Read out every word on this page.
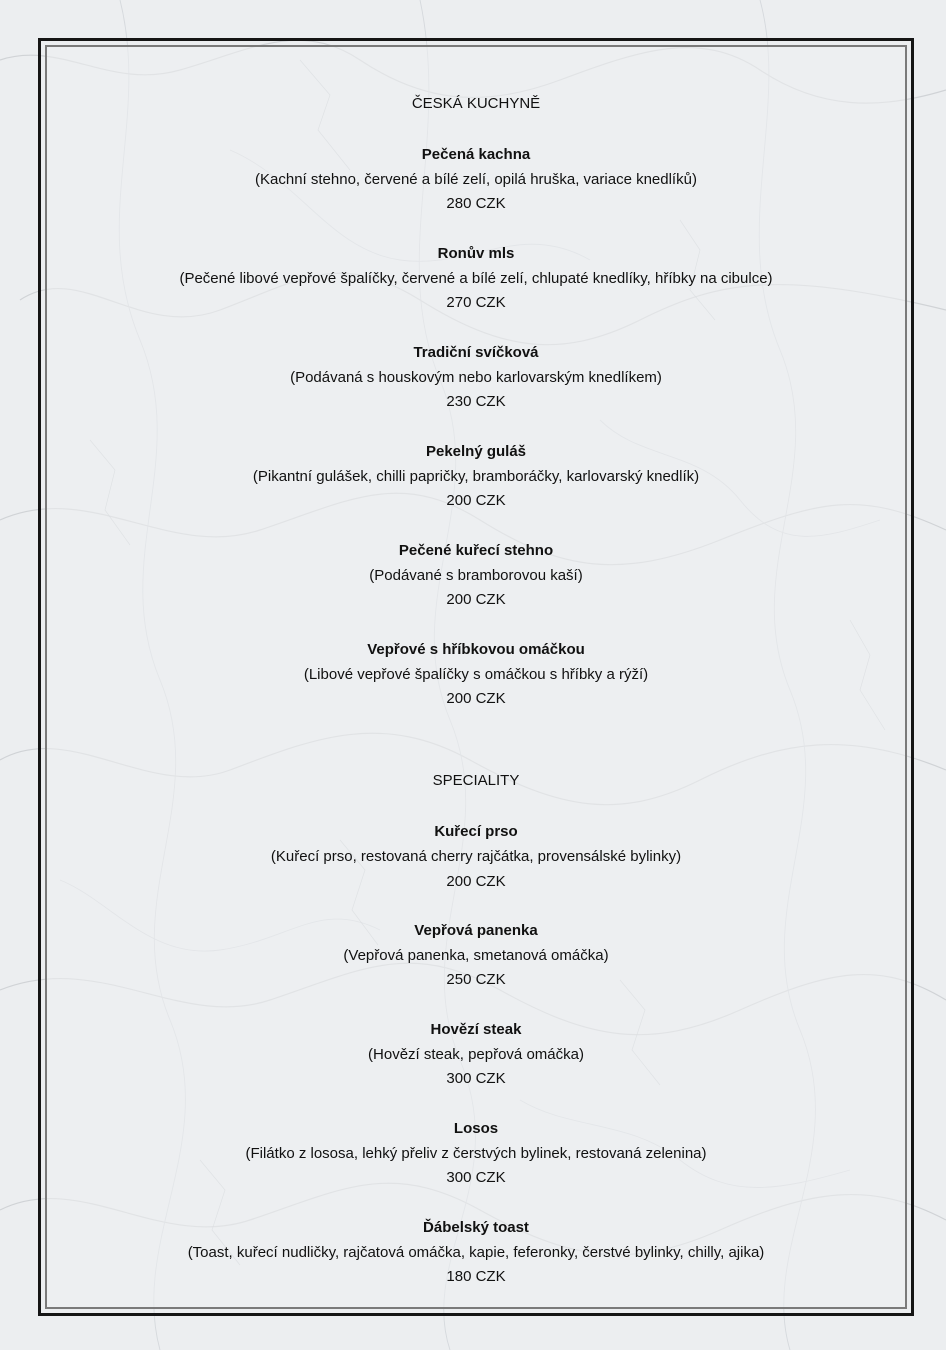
ČESKÁ KUCHYNĚ
Pečená kachna
(Kachní stehno, červené a bílé zelí, opilá hruška, variace knedlíků)
280 CZK
Ronův mls
(Pečené libové vepřové špalíčky, červené a bílé zelí, chlupaté knedlíky, hříbky na cibulce)
270 CZK
Tradiční svíčková
(Podávaná s houskovým nebo karlovarským knedlíkem)
230 CZK
Pekelný guláš
(Pikantní gulášek, chilli papričky, bramboráčky, karlovarský knedlík)
200 CZK
Pečené kuřecí stehno
(Podávané s bramborovou kaší)
200 CZK
Vepřové s hříbkovou omáčkou
(Libové vepřové špalíčky s omáčkou s hříbky a rýží)
200 CZK
SPECIALITY
Kuřecí prso
(Kuřecí prso, restovaná cherry rajčátka, provensálské bylinky)
200 CZK
Vepřová panenka
(Vepřová panenka, smetanová omáčka)
250 CZK
Hovězí steak
(Hovězí steak, pepřová omáčka)
300 CZK
Losos
(Filátko z lososa, lehký přeliv z čerstvých bylinek, restovaná zelenina)
300 CZK
Ďábelský toast
(Toast, kuřecí nudličky, rajčatová omáčka, kapie, feferonky, čerstvé bylinky, chilly, ajika)
180 CZK
